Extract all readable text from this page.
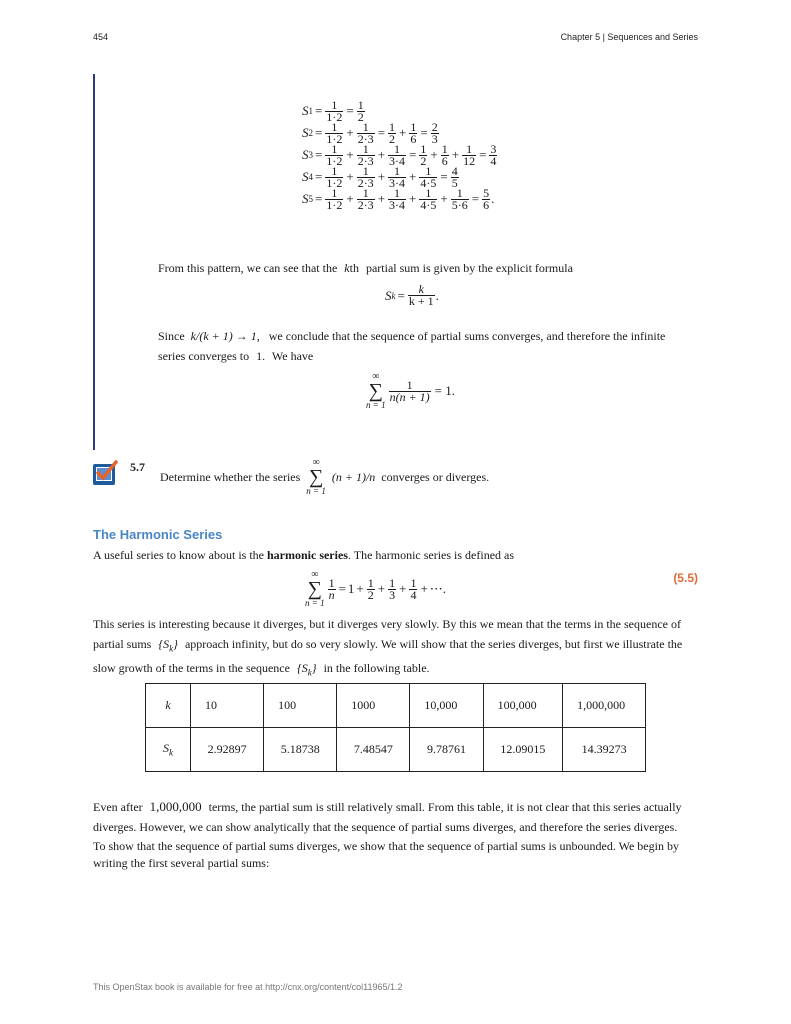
454	Chapter 5 | Sequences and Series
S $1 = \frac{1}{1\cdot 2} = \frac{1}{2}$
S $2 = \frac{1}{1\cdot 2} + \frac{1}{2\cdot 3} = \frac{1}{2} + \frac{1}{6} = \frac{2}{3}$
S $3 = \frac{1}{1\cdot 2} + \frac{1}{2\cdot 3} + \frac{1}{3\cdot 4} = \frac{1}{2} + \frac{1}{6} + \frac{1}{12} = \frac{3}{4}$
S $4 = \frac{1}{1\cdot 2} + \frac{1}{2\cdot 3} + \frac{1}{3\cdot 4} + \frac{1}{4\cdot 5} = \frac{4}{5}$
S $5 = \frac{1}{1\cdot 2} + \frac{1}{2\cdot 3} + \frac{1}{3\cdot 4} + \frac{1}{4\cdot 5} + \frac{1}{5\cdot 6} = \frac{5}{6}$ .
From this pattern, we can see that the kth partial sum is given by the explicit formula
S $k = \frac{k}{k + 1}$ .
Since k/(k + 1) → 1, we conclude that the sequence of partial sums converges, and therefore the infinite
series converges to 1. We have
∞
∑
n = 1
$\frac{1}{n(n + 1)} = 1$.
5.7
Determine whether the series
∞
∑
n = 1
(n + 1)/n converges or diverges.
The Harmonic Series
A useful series to know about is the harmonic series. The harmonic series is defined as
∞
∑
n = 1
$\frac{1}{n} = 1 + \frac{1}{2} + \frac{1}{3} + \frac{1}{4}$ + ⋯.
(5.5)
This series is interesting because it diverges, but it diverges very slowly. By this we mean that the terms in the sequence of
partial sums $\{S_k\}$ approach infinity, but do so very slowly. We will show that the series diverges, but first we illustrate the
slow growth of the terms in the sequence $\{S_k\}$ in the following table.
k	10	100	1000	10,000	100,000	1,000,000
$S_k$	2.92897	5.18738	7.48547	9.78761	12.09015	14.39273
Even after 1,000,000 terms, the partial sum is still relatively small. From this table, it is not clear that this series actually
diverges. However, we can show analytically that the sequence of partial sums diverges, and therefore the series diverges.
To show that the sequence of partial sums diverges, we show that the sequence of partial sums is unbounded. We begin by
writing the first several partial sums:
This OpenStax book is available for free at http://cnx.org/content/col11965/1.2
